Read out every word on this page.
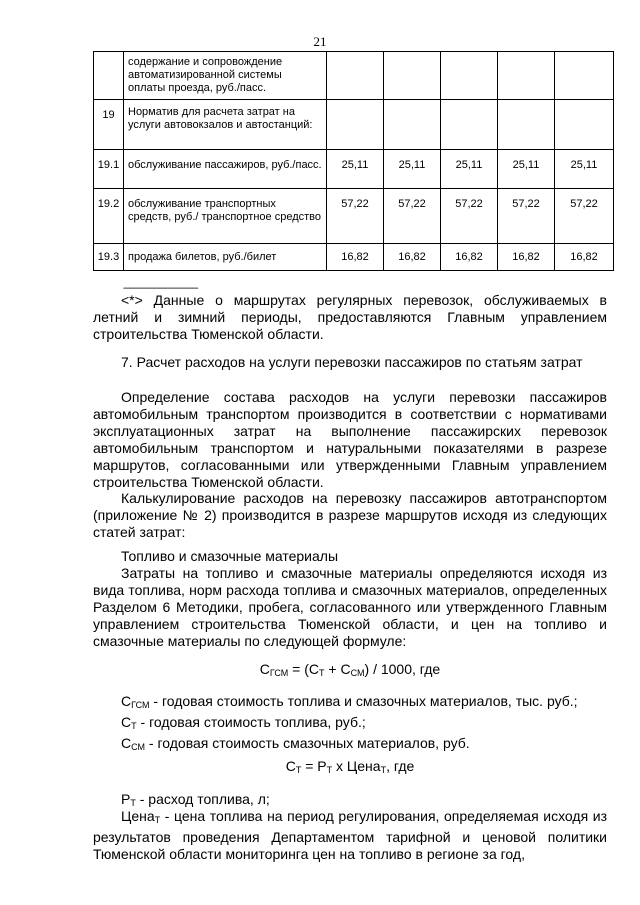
21
	содержание и сопровождение автоматизированной системы оплаты проезда, руб./пасс.					
19	Норматив для расчета затрат на услуги автовокзалов и автостанций:					
19.1	обслуживание пассажиров, руб./пасс.	25,11	25,11	25,11	25,11	25,11
19.2	обслуживание транспортных средств, руб./ транспортное средство	57,22	57,22	57,22	57,22	57,22
19.3	продажа билетов, руб./билет	16,82	16,82	16,82	16,82	16,82
--------------------------------
<*> Данные о маршрутах регулярных перевозок, обслуживаемых в летний и зимний периоды, предоставляются Главным управлением строительства Тюменской области.
7. Расчет расходов на услуги перевозки пассажиров по статьям затрат
Определение состава расходов на услуги перевозки пассажиров автомобильным транспортом производится в соответствии с нормативами эксплуатационных затрат на выполнение пассажирских перевозок автомобильным транспортом и натуральными показателями в разрезе маршрутов, согласованными или утвержденными Главным управлением строительства Тюменской области.
Калькулирование расходов на перевозку пассажиров автотранспортом (приложение № 2) производится в разрезе маршрутов исходя из следующих статей затрат:
Топливо и смазочные материалы
Затраты на топливо и смазочные материалы определяются исходя из вида топлива, норм расхода топлива и смазочных материалов, определенных Разделом 6 Методики, пробега, согласованного или утвержденного Главным управлением строительства Тюменской области, и цен на топливо и смазочные материалы по следующей формуле:
$С_{ГСМ} = (С_Т + С_{СМ}) / 1000$, где
$С_{ГСМ}$ - годовая стоимость топлива и смазочных материалов, тыс. руб.;
$С_Т$ - годовая стоимость топлива, руб.;
$С_{СМ}$ - годовая стоимость смазочных материалов, руб.
$С_Т = Р_Т$ х Цена$_Т$, где
$Р_Т$ - расход топлива, л;
Цена$_Т$ - цена топлива на период регулирования, определяемая исходя из результатов проведения Департаментом тарифной и ценовой политики Тюменской области мониторинга цен на топливо в регионе за год,
